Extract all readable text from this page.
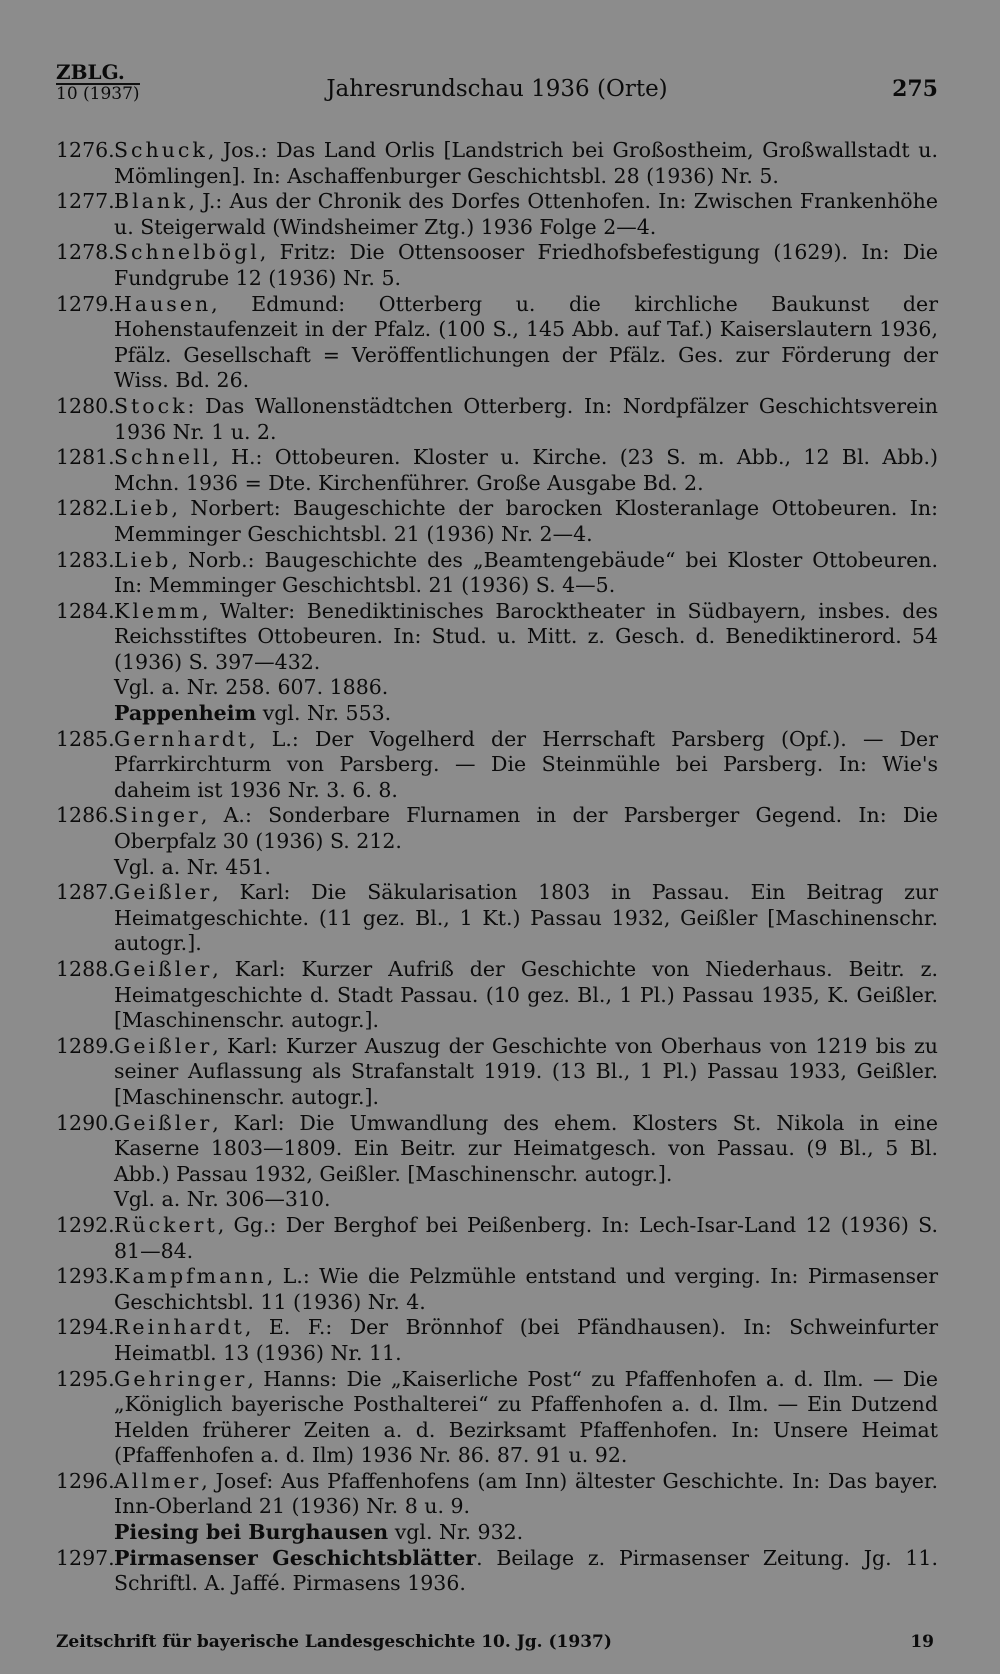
ZBLG.
10 (1937)	Jahresrundschau 1936 (Orte)	275
1276. Schuck, Jos.: Das Land Orlis [Landstrich bei Großostheim, Großwallstadt u. Mömlingen]. In: Aschaffenburger Geschichtsbl. 28 (1936) Nr. 5.
1277. Blank, J.: Aus der Chronik des Dorfes Ottenhofen. In: Zwischen Frankenhöhe u. Steigerwald (Windsheimer Ztg.) 1936 Folge 2—4.
1278. Schnelbögl, Fritz: Die Ottensooser Friedhofsbefestigung (1629). In: Die Fundgrube 12 (1936) Nr. 5.
1279. Hausen, Edmund: Otterberg u. die kirchliche Baukunst der Hohenstaufenzeit in der Pfalz. (100 S., 145 Abb. auf Taf.) Kaiserslautern 1936, Pfälz. Gesellschaft = Veröffentlichungen der Pfälz. Ges. zur Förderung der Wiss. Bd. 26.
1280. Stock: Das Wallonenstädtchen Otterberg. In: Nordpfälzer Geschichtsverein 1936 Nr. 1 u. 2.
1281. Schnell, H.: Ottobeuren. Kloster u. Kirche. (23 S. m. Abb., 12 Bl. Abb.) Mchn. 1936 = Dte. Kirchenführer. Große Ausgabe Bd. 2.
1282. Lieb, Norbert: Baugeschichte der barocken Klosteranlage Ottobeuren. In: Memminger Geschichtsbl. 21 (1936) Nr. 2—4.
1283. Lieb, Norb.: Baugeschichte des „Beamtengebäude“ bei Kloster Ottobeuren. In: Memminger Geschichtsbl. 21 (1936) S. 4—5.
1284. Klemm, Walter: Benediktinisches Barocktheater in Südbayern, insbes. des Reichsstiftes Ottobeuren. In: Stud. u. Mitt. z. Gesch. d. Benediktinerord. 54 (1936) S. 397—432.
Vgl. a. Nr. 258. 607. 1886.
Pappenheim vgl. Nr. 553.
1285. Gernhardt, L.: Der Vogelherd der Herrschaft Parsberg (Opf.). — Der Pfarrkirchturm von Parsberg. — Die Steinmühle bei Parsberg. In: Wie's daheim ist 1936 Nr. 3. 6. 8.
1286. Singer, A.: Sonderbare Flurnamen in der Parsberger Gegend. In: Die Oberpfalz 30 (1936) S. 212.
Vgl. a. Nr. 451.
1287. Geißler, Karl: Die Säkularisation 1803 in Passau. Ein Beitrag zur Heimatgeschichte. (11 gez. Bl., 1 Kt.) Passau 1932, Geißler [Maschinenschr. autogr.].
1288. Geißler, Karl: Kurzer Aufriß der Geschichte von Niederhaus. Beitr. z. Heimatgeschichte d. Stadt Passau. (10 gez. Bl., 1 Pl.) Passau 1935, K. Geißler. [Maschinenschr. autogr.].
1289. Geißler, Karl: Kurzer Auszug der Geschichte von Oberhaus von 1219 bis zu seiner Auflassung als Strafanstalt 1919. (13 Bl., 1 Pl.) Passau 1933, Geißler. [Maschinenschr. autogr.].
1290. Geißler, Karl: Die Umwandlung des ehem. Klosters St. Nikola in eine Kaserne 1803—1809. Ein Beitr. zur Heimatgesch. von Passau. (9 Bl., 5 Bl. Abb.) Passau 1932, Geißler. [Maschinenschr. autogr.].
Vgl. a. Nr. 306—310.
1292. Rückert, Gg.: Der Berghof bei Peißenberg. In: Lech-Isar-Land 12 (1936) S. 81—84.
1293. Kampfmann, L.: Wie die Pelzmühle entstand und verging. In: Pirmasenser Geschichtsbl. 11 (1936) Nr. 4.
1294. Reinhardt, E. F.: Der Brönnhof (bei Pfändhausen). In: Schweinfurter Heimatbl. 13 (1936) Nr. 11.
1295. Gehringer, Hanns: Die „Kaiserliche Post“ zu Pfaffenhofen a. d. Ilm. — Die „Königlich bayerische Posthalterei“ zu Pfaffenhofen a. d. Ilm. — Ein Dutzend Helden früherer Zeiten a. d. Bezirksamt Pfaffenhofen. In: Unsere Heimat (Pfaffenhofen a. d. Ilm) 1936 Nr. 86. 87. 91 u. 92.
1296. Allmer, Josef: Aus Pfaffenhofens (am Inn) ältester Geschichte. In: Das bayer. Inn-Oberland 21 (1936) Nr. 8 u. 9.
Piesing bei Burghausen vgl. Nr. 932.
1297. Pirmasenser Geschichtsblätter. Beilage z. Pirmasenser Zeitung. Jg. 11. Schriftl. A. Jaffé. Pirmasens 1936.
Zeitschrift für bayerische Landesgeschichte 10. Jg. (1937)	19
